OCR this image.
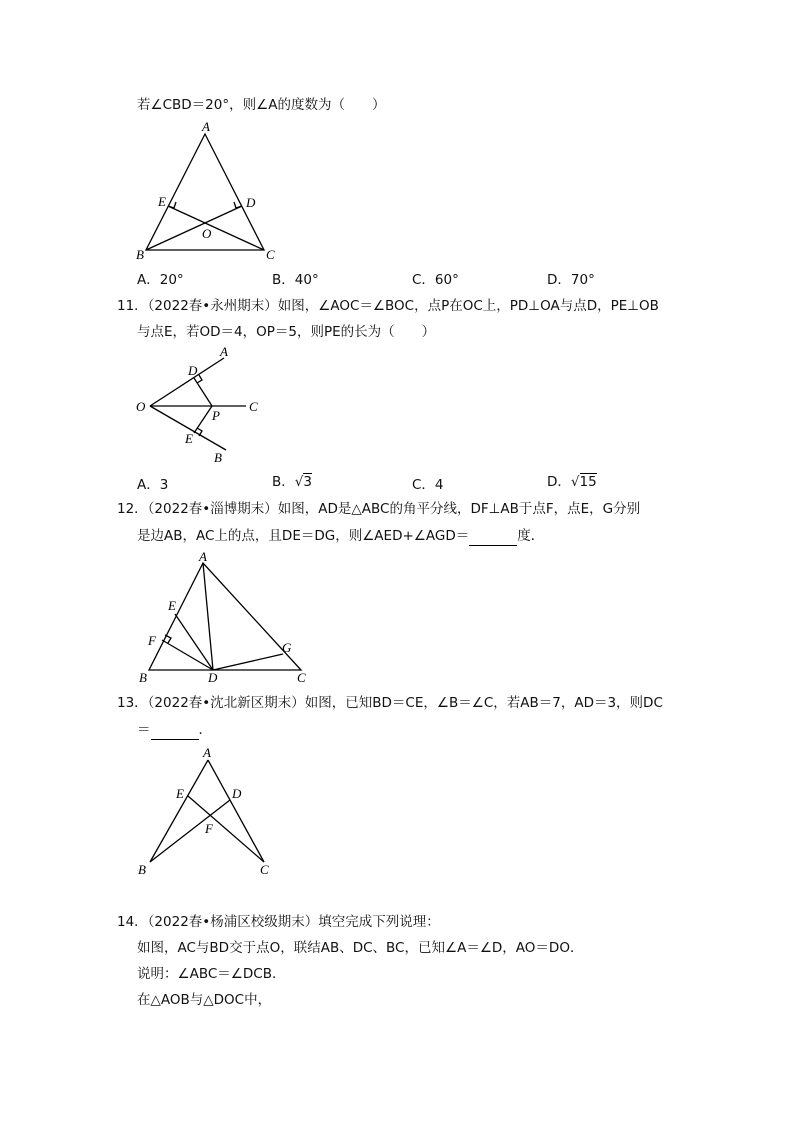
若∠CBD＝20°，则∠A的度数为（　　）
A
B	C
D
E
O
A．20°	B．40°	C．60°	D．70°
11．（2022春•永州期末）如图，∠AOC＝∠BOC，点P在OC上，PD⊥OA与点D，PE⊥OB
与点E，若OD＝4，OP＝5，则PE的长为（　　）
O
A
C
B
D
E
P
A．3	B．√3	C．4	D．√15
12．（2022春•淄博期末）如图，AD是△ABC的角平分线，DF⊥AB于点F，点E，G分别
是边AB，AC上的点，且DE＝DG，则∠AED+∠AGD＝	度．
A
E
F
B	D	C
G
13．（2022春•沈北新区期末）如图，已知BD＝CE，∠B＝∠C，若AB＝7，AD＝3，则DC
＝	．
A
E	D
F
B	C
14．（2022春•杨浦区校级期末）填空完成下列说理：
如图，AC与BD交于点O，联结AB、DC、BC，已知∠A＝∠D，AO＝DO．
说明：∠ABC＝∠DCB．
在△AOB与△DOC中，
